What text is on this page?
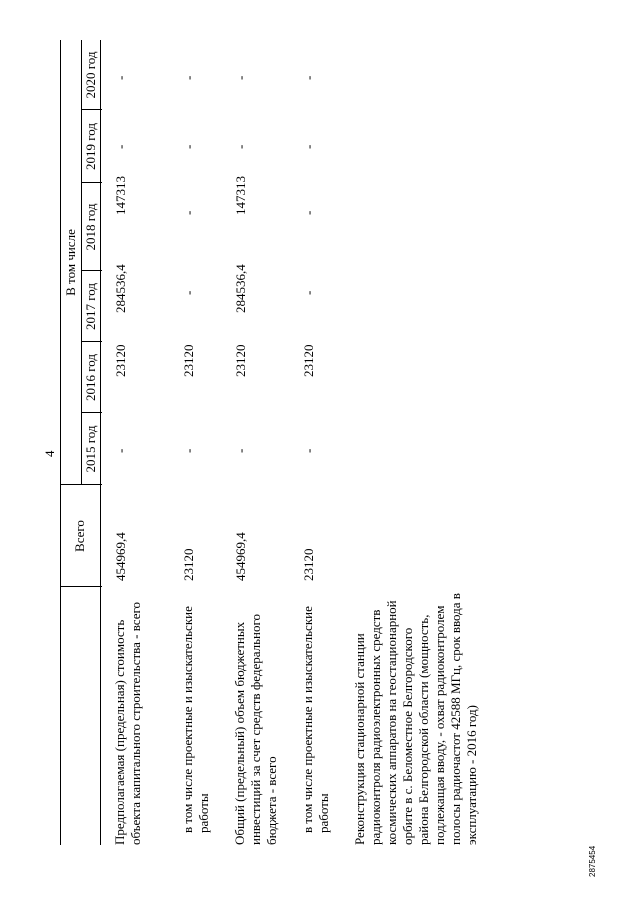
4
Всего
В том числе
2015 год
2016 год
2017 год
2018 год
2019 год
2020 год
Предполагаемая (предельная) стоимость объекта капитального строительства - всего
454969,4
-
23120
284536,4
147313
-
-
в том числе проектные и изыскательские работы
23120
-
23120
-
-
-
-
Общий (предельный) объем бюджетных инвестиций за счет средств федерального бюджета - всего
454969,4
-
23120
284536,4
147313
-
-
в том числе проектные и изыскательские работы
23120
-
23120
-
-
-
-
Реконструкция стационарной станции радиоконтроля радиоэлектронных средств космических аппаратов на геостационарной орбите в с. Беломестное Белгородского района Белгородской области (мощность, подлежащая вводу, - охват радиоконтролем полосы радиочастот 42588 МГц, срок ввода в эксплуатацию - 2016 год)
2875454
